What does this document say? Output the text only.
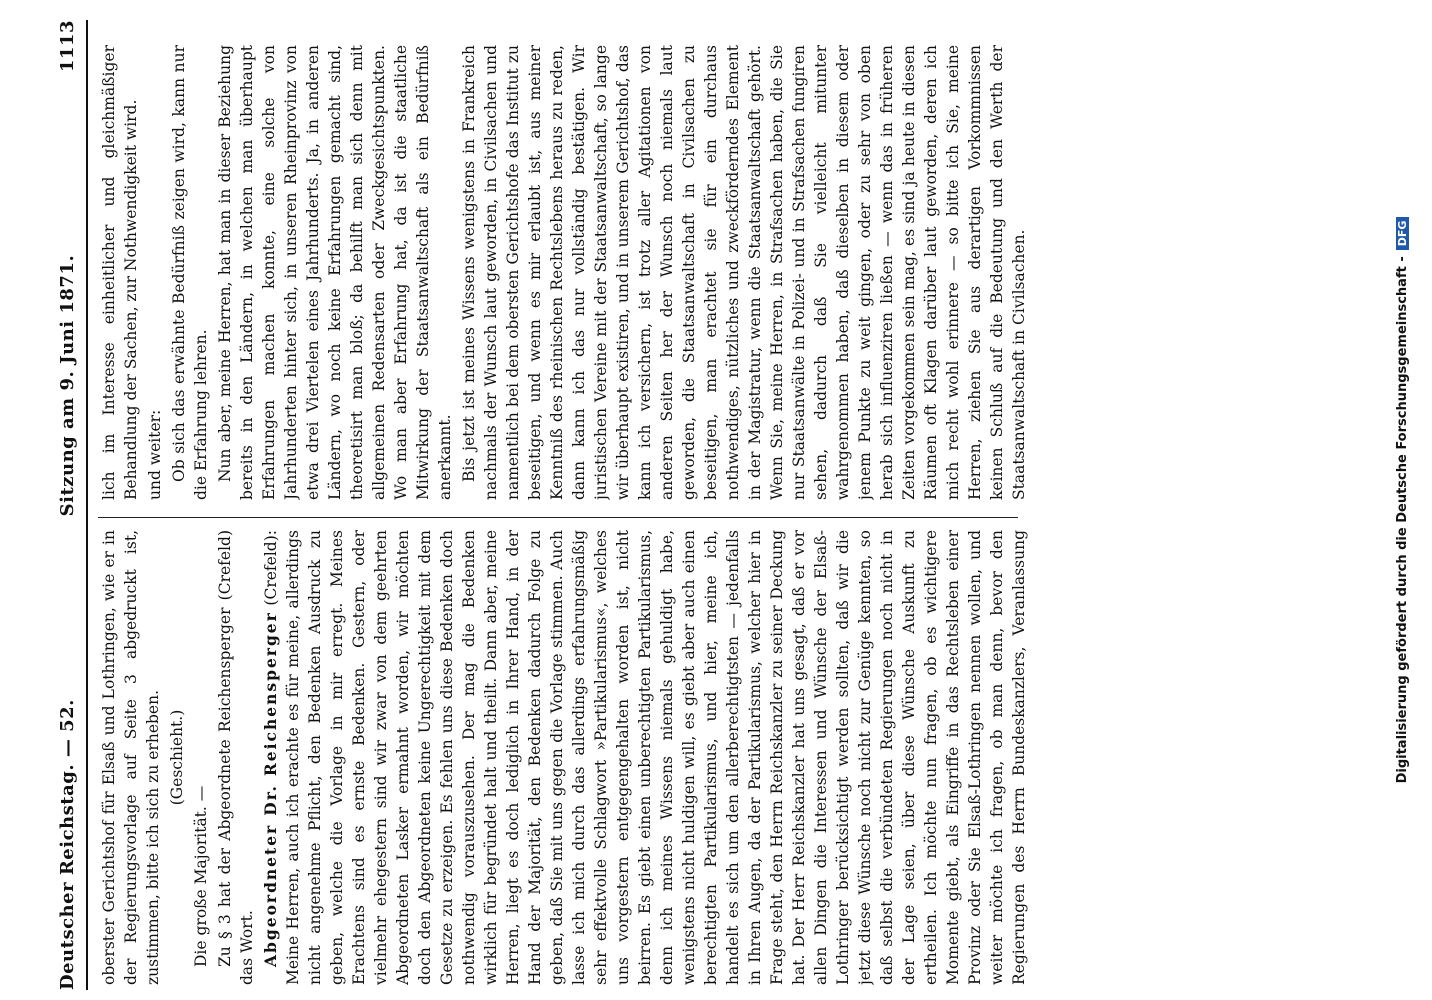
Deutscher Reichstag. — 52.
Sitzung am 9. Juni 1871.
1113

oberster Gerichtshof für Elsaß und Lothringen, wie er in der Regierungsvorlage auf Seite 3 abgedruckt ist, zustimmen, bitte ich sich zu erheben. (Geschieht.)

Die große Majorität. — Zu § 3 hat der Abgeordnete Reichensperger (Crefeld) das Wort. Abgeordneter Dr. Reichensperger (Crefeld): Meine Herren, auch ich erachte es für meine, allerdings nicht angenehme Pflicht, den Bedenken Ausdruck zu geben, welche die Vorlage in mir erregt. Meines Erachtens sind es ernste Bedenken. Gestern, oder vielmehr ehegestern sind wir zwar von dem geehrten Abgeordneten Lasker ermahnt worden, wir möchten doch den Abgeordneten keine Ungerechtigkeit mit dem Gesetze zu erzeigen. Es fehlen uns diese Bedenken doch nothwendig vorauszusehen. Der mag die Bedenken wirklich für begründet halt und theilt. Dann aber, meine Herren, liegt es doch lediglich in Ihrer Hand, in der Hand der Majorität, den Bedenken dadurch Folge zu geben, daß Sie mit uns gegen die Vorlage stimmen. Auch lasse ich mich durch das allerdings erfahrungsmäßig sehr effektvolle Schlagwort »Partikularismus«, welches uns vorgestern entgegengehalten worden ist, nicht beirren. Es giebt einen unberechtigten Partikularismus, denn ich meines Wissens niemals gehuldigt habe, wenigstens nicht huldigen will, es giebt aber auch einen berechtigten Partikularismus, und hier, meine ich, handelt es sich um den allerberechtigtsten — jedenfalls in Ihren Augen, da der Partikularismus, welcher hier in Frage steht, den Herrn Reichskanzler zu seiner Deckung hat. Der Herr Reichskanzler hat uns gesagt, daß er vor allen Dingen die Interessen und Wünsche der Elsaß-Lothringer berücksichtigt werden sollten, daß wir die jetzt diese Wünsche noch nicht zur Genüge kennten, so daß selbst die verbündeten Regierungen noch nicht in der Lage seien, über diese Wünsche Auskunft zu ertheilen. Ich möchte nun fragen, ob es wichtigere Momente giebt, als Eingriffe in das Rechtsleben einer Provinz oder Sie Elsaß-Lothringen nennen wollen, und weiter möchte ich fragen, ob man denn, bevor den Regierungen des Herrn Bundeskanzlers, Veranlassung

lich im Interesse einheitlicher und gleichmäßiger Behandlung der Sachen, zur Nothwendigkeit wird. und weiter: Ob sich das erwähnte Bedürfniß zeigen wird, kann nur die Erfahrung lehren. Nun aber, meine Herren, hat man in dieser Beziehung bereits in den Ländern, in welchen man überhaupt Erfahrungen machen konnte, eine solche von Jahrhunderten hinter sich, in unseren Rheinprovinz von etwa drei Viertelen eines Jahrhunderts. Ja, in anderen Ländern, wo noch keine Erfahrungen gemacht sind, theoretisirt man bloß; da behilft man sich denn mit allgemeinen Redensarten oder Zweckgesichtspunkten. Wo man aber Erfahrung hat, da ist die staatliche Mitwirkung der Staatsanwaltschaft als ein Bedürfniß anerkannt. Bis jetzt ist meines Wissens wenigstens in Frankreich nachmals der Wunsch laut geworden, in Civilsachen und namentlich bei dem obersten Gerichtshofe das Institut zu beseitigen, und wenn es mir erlaubt ist, aus meiner Kenntniß des rheinischen Rechtslebens heraus zu reden, dann kann ich das nur vollständig bestätigen. Wir juristischen Vereine mit der Staatsanwaltschaft, so lange wir überhaupt existiren, und in unserem Gerichtshof, das kann ich versichern, ist trotz aller Agitationen von anderen Seiten her der Wunsch noch niemals laut geworden, die Staatsanwaltschaft in Civilsachen zu beseitigen, man erachtet sie für ein durchaus nothwendiges, nützliches und zweckförderndes Element in der Magistratur, wenn die Staatsanwaltschaft gehört. Wenn Sie, meine Herren, in Strafsachen haben, die Sie nur Staatsanwälte in Polizei- und in Strafsachen fungiren sehen, dadurch daß Sie vielleicht mitunter wahrgenommen haben, daß dieselben in diesem oder jenem Punkte zu weit gingen, oder zu sehr von oben herab sich influenziren ließen — wenn das in früheren Zeiten vorgekommen sein mag, es sind ja heute in diesen Räumen oft Klagen darüber laut geworden, deren ich mich recht wohl erinnere — so bitte ich Sie, meine Herren, ziehen Sie aus derartigen Vorkommnissen keinen Schluß auf die Bedeutung und den Werth der Staatsanwaltschaft in Civilsachen.	Digitalisierung gefördert durch die Deutsche Forschungsgemeinschaft -
DFG
